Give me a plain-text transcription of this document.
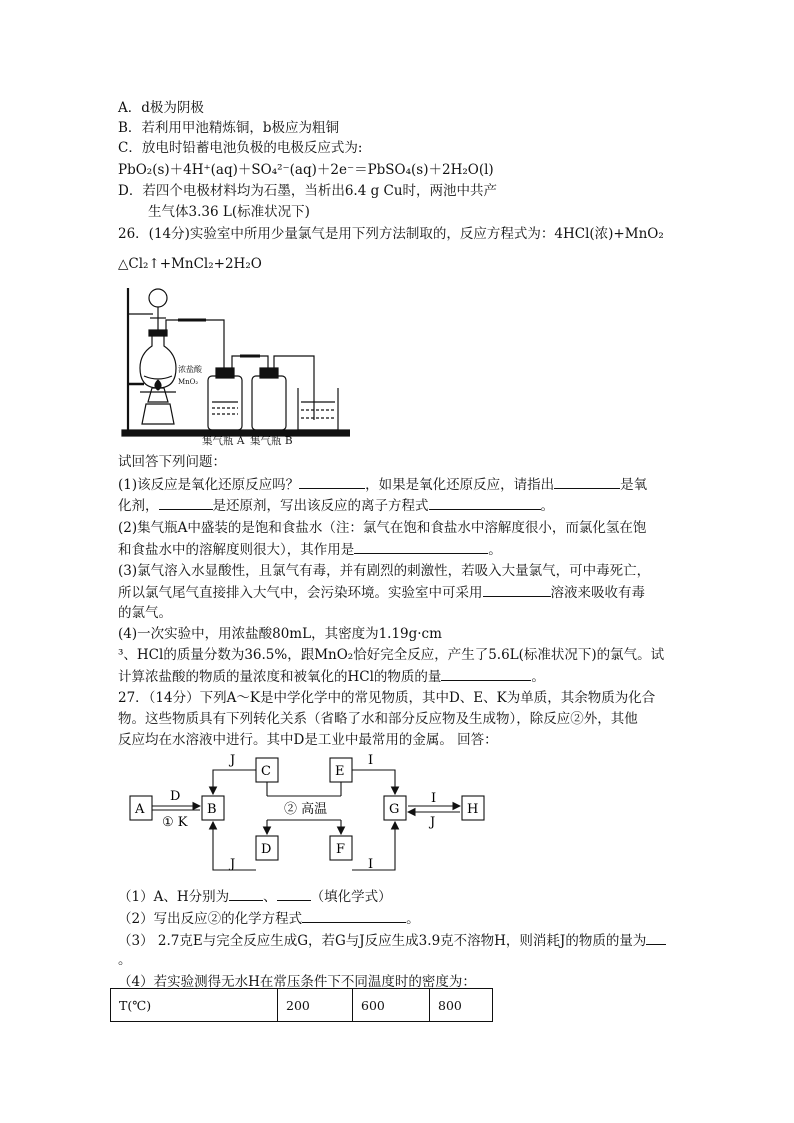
A．d极为阴极
B．若利用甲池精炼铜，b极应为粗铜
C．放电时铅蓄电池负极的电极反应式为:
PbO₂(s)＋4H⁺(aq)＋SO₄²⁻(aq)＋2e⁻＝PbSO₄(s)＋2H₂O(l)
D．若四个电极材料均为石墨，当析出6.4 g Cu时，两池中共产
生气体3.36 L(标准状况下)
26．(14分)实验室中所用少量氯气是用下列方法制取的，反应方程式为：4HCl(浓)+MnO₂
△Cl₂↑+MnCl₂+2H₂O
浓盐酸
MnO₂
集气瓶 A 集气瓶 B
试回答下列问题：
(1)该反应是氧化还原反应吗？	，如果是氧化还原反应，请指出	是氧
化剂，	是还原剂，写出该反应的离子方程式	。
(2)集气瓶A中盛装的是饱和食盐水（注：氯气在饱和食盐水中溶解度很小，而氯化氢在饱
和食盐水中的溶解度则很大），其作用是	。
(3)氯气溶入水显酸性，且氯气有毒，并有剧烈的刺激性，若吸入大量氯气，可中毒死亡，
所以氯气尾气直接排入大气中，会污染环境。实验室中可采用	溶液来吸收有毒
的氯气。
(4)一次实验中，用浓盐酸80mL，其密度为1.19g·cm
³、HCl的质量分数为36.5%，跟MnO₂恰好完全反应，产生了5.6L(标准状况下)的氯气。试
计算浓盐酸的物质的量浓度和被氧化的HCl的物质的量	。
27．（14分）下列A～K是中学化学中的常见物质，其中D、E、K为单质，其余物质为化合
物。这些物质具有下列转化关系（省略了水和部分反应物及生成物），除反应②外，其他
反应均在水溶液中进行。其中D是工业中最常用的金属。 回答：
A	B
C	E
D	F
G	H
J
J
I
I
D
① K
I
J
② 高温
（1）A、H分别为	、	（填化学式）
（2）写出反应②的化学方程式	。
（3） 2.7克E与完全反应生成G，若G与J反应生成3.9克不溶物H，则消耗J的物质的量为
。
（4）若实验测得无水H在常压条件下不同温度时的密度为：
T(℃)	200	600	800
